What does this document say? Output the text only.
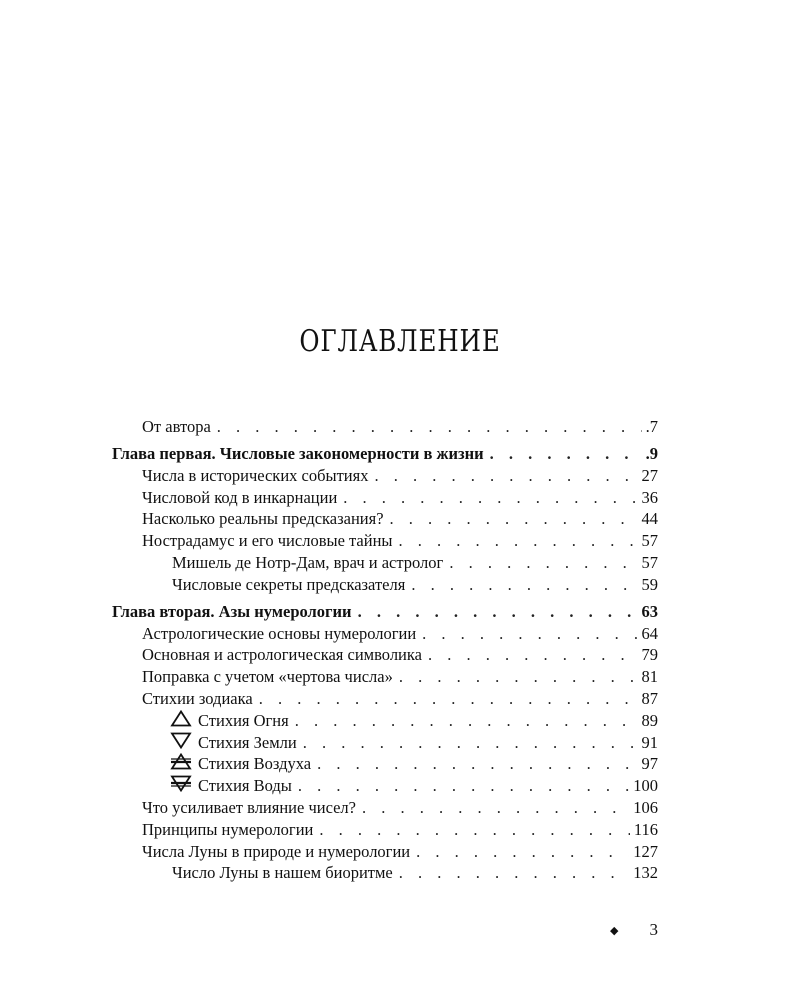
ОГЛАВЛЕНИЕ
От автора . . .	.7
Глава первая. Числовые закономерности в жизни . . .	.9
Числа в исторических событиях . . .	27
Числовой код в инкарнации . . .	36
Насколько реальны предсказания? . . .	44
Нострадамус и его числовые тайны . . .	57
Мишель де Нотр-Дам, врач и астролог . . .	57
Числовые секреты предсказателя . . .	59
Глава вторая. Азы нумерологии . . .	63
Астрологические основы нумерологии . . .	64
Основная и астрологическая символика . . .	79
Поправка с учетом «чертова числа» . . .	81
Стихии зодиака . . .	87
Стихия Огня . . .	89
Стихия Земли . . .	91
Стихия Воздуха . . .	97
Стихия Воды . . .	100
Что усиливает влияние чисел? . . .	106
Принципы нумерологии . . .	116
Числа Луны в природе и нумерологии . . .	127
Число Луны в нашем биоритме . . .	132
◆ 3
